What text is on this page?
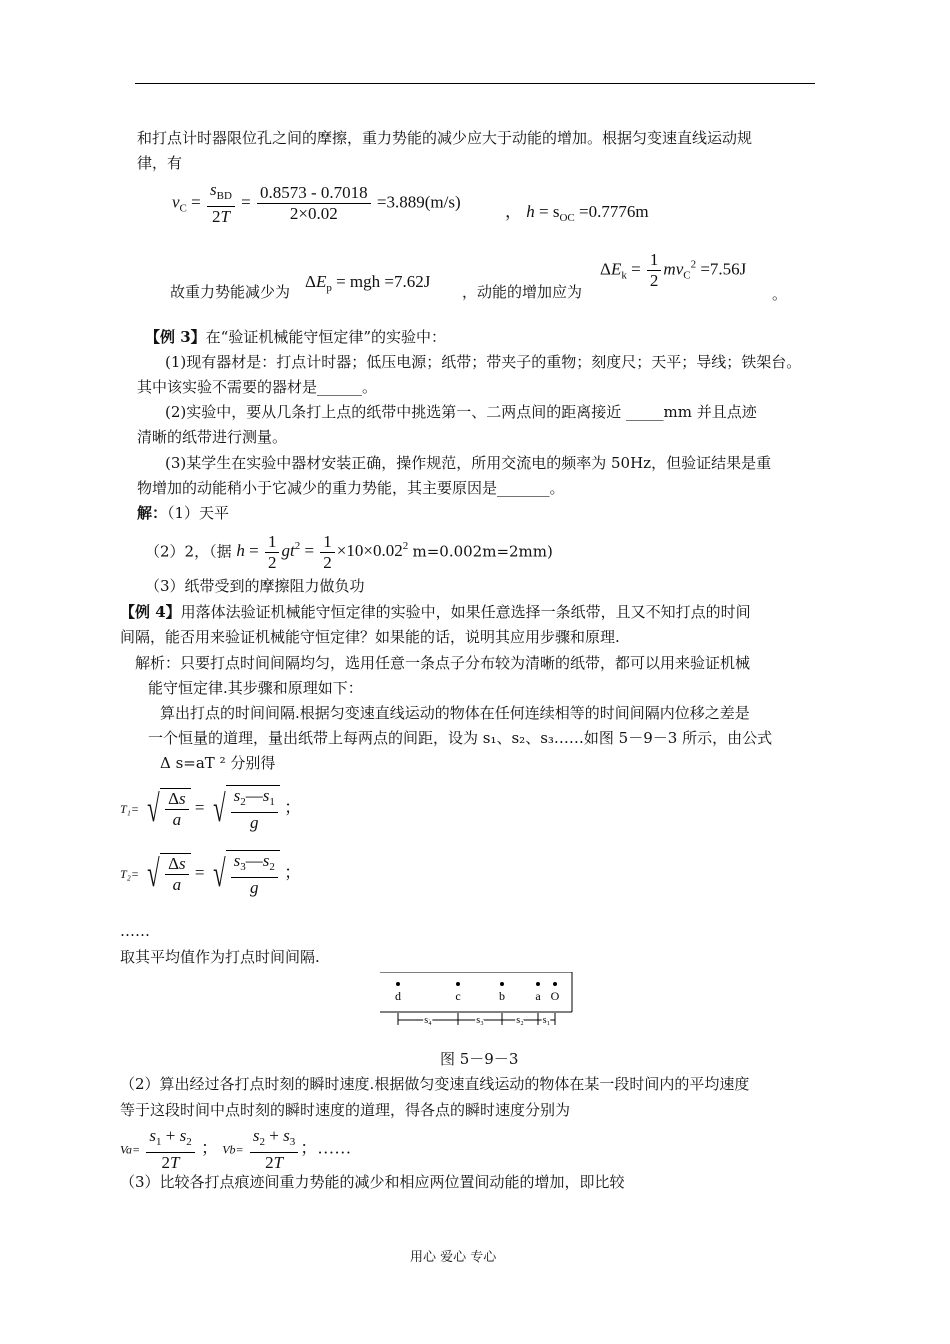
和打点计时器限位孔之间的摩擦，重力势能的减少应大于动能的增加。根据匀变速直线运动规
律，有
$v_C = \frac{s_{BD}}{2T} = \frac{0.8573 - 0.7018}{2\times 0.02} =3.889(m/s)$
， $h = s_{OC} =0.7776m$
故重力势能减少为
$\Delta E_p$ = mgh =7.62J
，动能的增加应为
$\Delta E_k = \frac{1}{2} mv_C^2 =7.56J$
。
【例 3】在“验证机械能守恒定律”的实验中：
(1)现有器材是：打点计时器；低压电源；纸带；带夹子的重物；刻度尺；天平；导线；铁架台。
其中该实验不需要的器材是______。
(2)实验中，要从几条打上点的纸带中挑选第一、二两点间的距离接近 _____mm 并且点迹
清晰的纸带进行测量。
(3)某学生在实验中器材安装正确，操作规范，所用交流电的频率为 50Hz，但验证结果是重
物增加的动能稍小于它减少的重力势能，其主要原因是_______。
解：（1）天平
（2）2，（据 $h = \frac{1}{2} gt^2 = \frac{1}{2} \times 10\times 0.02^2$ m=0.002m=2mm)
（3）纸带受到的摩擦阻力做负功
【例 4】用落体法验证机械能守恒定律的实验中，如果任意选择一条纸带，且又不知打点的时间
间隔，能否用来验证机械能守恒定律？如果能的话，说明其应用步骤和原理.
解析：只要打点时间间隔均匀，选用任意一条点子分布较为清晰的纸带，都可以用来验证机械
能守恒定律.其步骤和原理如下：
算出打点的时间间隔.根据匀变速直线运动的物体在任何连续相等的时间间隔内位移之差是
一个恒量的道理，量出纸带上每两点的间距，设为 s₁、s₂、s₃……如图 5－9－3 所示，由公式
Δ s=aT ² 分别得
T₁= √ $\frac{\Delta s}{a}$ = √ $\frac{s_2—s_1}{g}$ ；
T₂= √ $\frac{\Delta s}{a}$ = √ $\frac{s_3—s_2}{g}$ ；
……
取其平均值作为打点时间间隔.
d	c	b	a O
s₄	s₃	s₂ s₁
图 5－9－3
（2）算出经过各打点时刻的瞬时速度.根据做匀变速直线运动的物体在某一段时间内的平均速度
等于这段时间中点时刻的瞬时速度的道理，得各点的瞬时速度分别为
$Va= \frac{s_1 + s_2}{2T}$ ； $Vb= \frac{s_2 + s_3}{2T}$ ；……
（3）比较各打点痕迹间重力势能的减少和相应两位置间动能的增加，即比较
用心 爱心 专心
